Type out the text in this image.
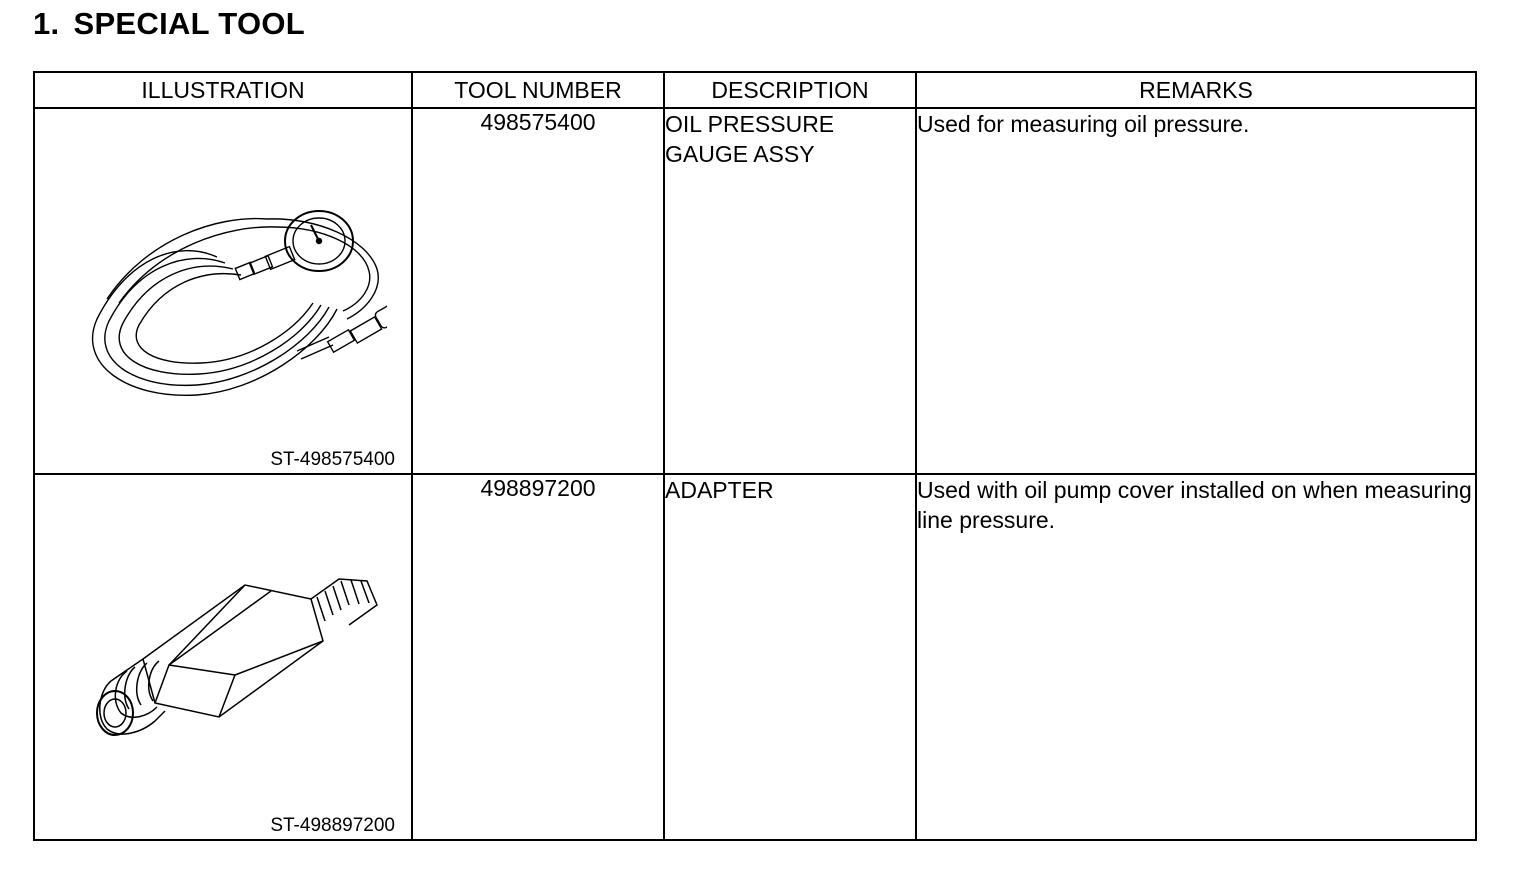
1. SPECIAL TOOL
ILLUSTRATION	TOOL NUMBER	DESCRIPTION	REMARKS

ST-498575400	498575400	OIL PRESSURE GAUGE ASSY	Used for measuring oil pressure.

ST-498897200	498897200	ADAPTER	Used with oil pump cover installed on when measuring line pressure.
